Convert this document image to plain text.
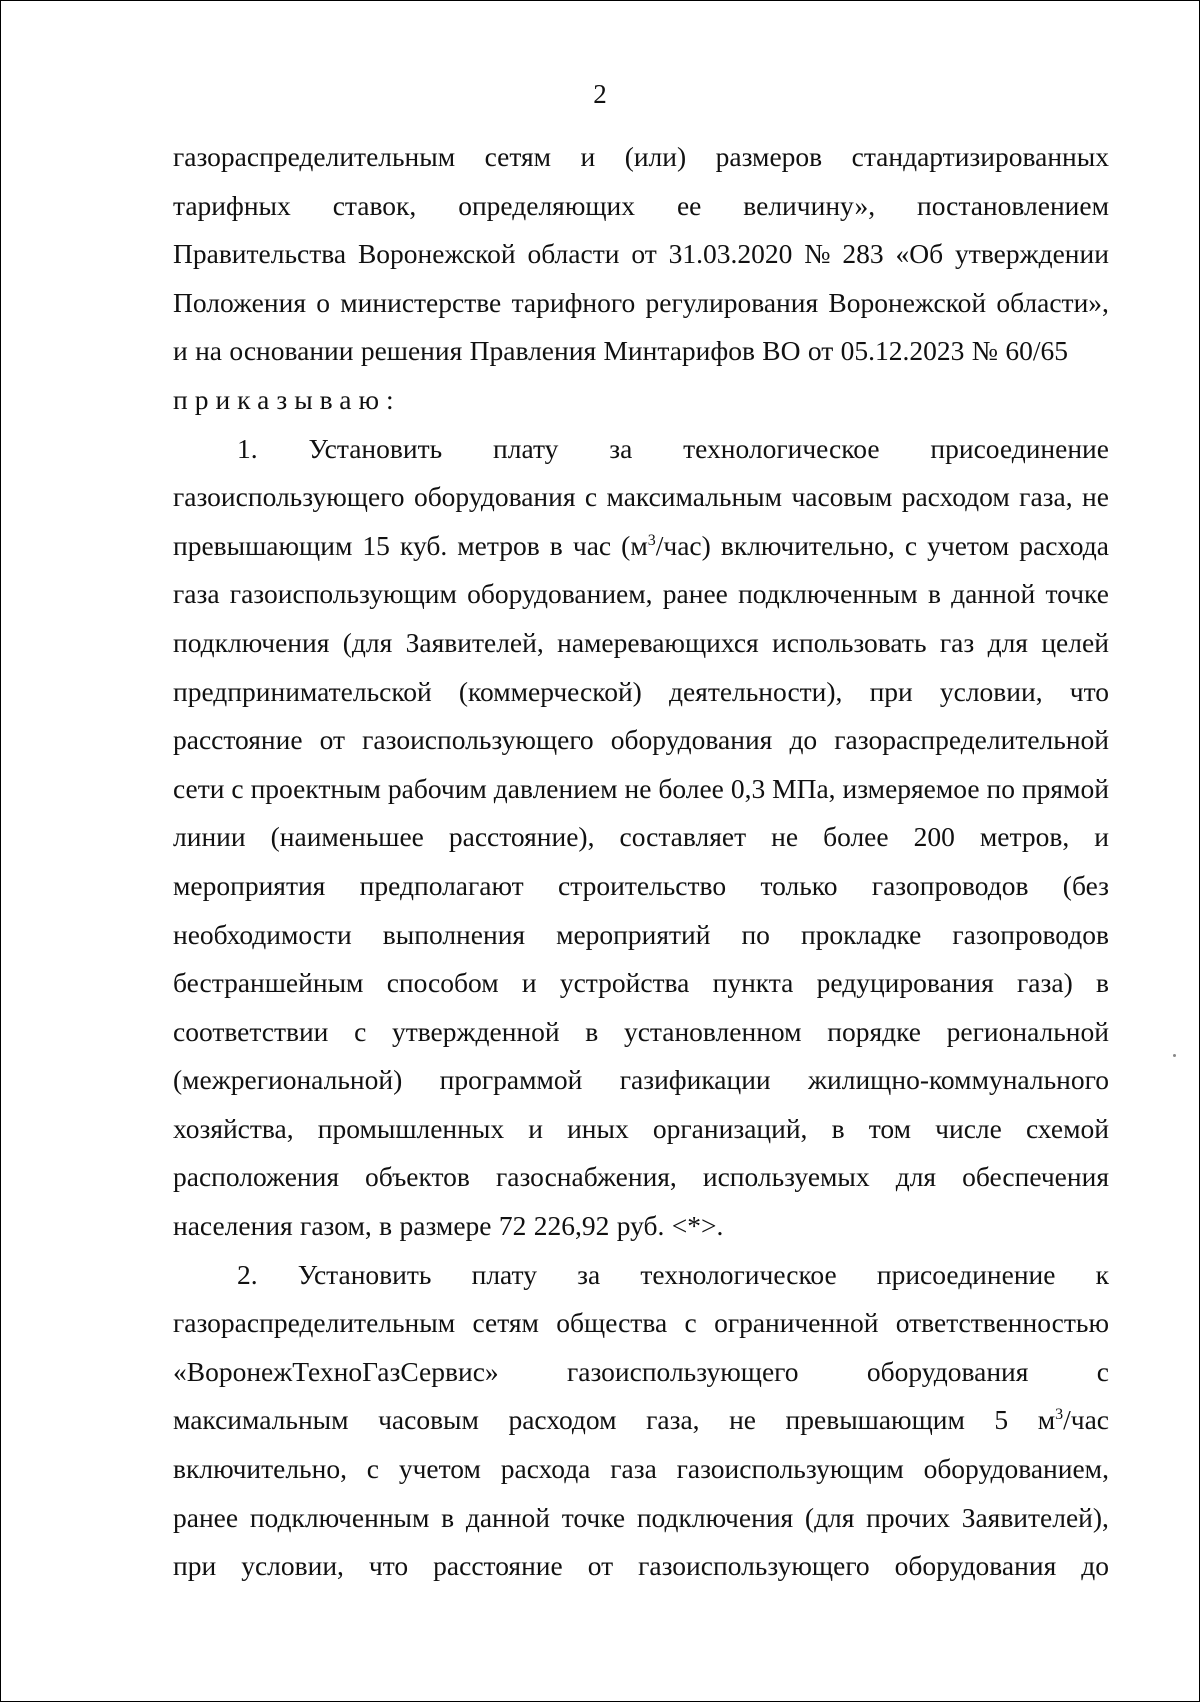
2
газораспределительным сетям и (или) размеров стандартизированных
тарифных ставок, определяющих ее величину», постановлением
Правительства Воронежской области от 31.03.2020 № 283 «Об утверждении
Положения о министерстве тарифного регулирования Воронежской области»,
и на основании решения Правления Минтарифов ВО от 05.12.2023 № 60/65
приказываю:
1. Установить плату за технологическое присоединение
газоиспользующего оборудования с максимальным часовым расходом газа, не
превышающим 15 куб. метров в час $(м^3/час)$ включительно, с учетом расхода
газа газоиспользующим оборудованием, ранее подключенным в данной точке
подключения (для Заявителей, намеревающихся использовать газ для целей
предпринимательской (коммерческой) деятельности), при условии, что
расстояние от газоиспользующего оборудования до газораспределительной
сети с проектным рабочим давлением не более 0,3 МПа, измеряемое по прямой
линии (наименьшее расстояние), составляет не более 200 метров, и
мероприятия предполагают строительство только газопроводов (без
необходимости выполнения мероприятий по прокладке газопроводов
бестраншейным способом и устройства пункта редуцирования газа) в
соответствии с утвержденной в установленном порядке региональной
(межрегиональной) программой газификации жилищно-коммунального
хозяйства, промышленных и иных организаций, в том числе схемой
расположения объектов газоснабжения, используемых для обеспечения
населения газом, в размере 72 226,92 руб. <*>.
2. Установить плату за технологическое присоединение к
газораспределительным сетям общества с ограниченной ответственностью
«ВоронежТехноГазСервис» газоиспользующего оборудования с
максимальным часовым расходом газа, не превышающим 5 $м^3$/час
включительно, с учетом расхода газа газоиспользующим оборудованием,
ранее подключенным в данной точке подключения (для прочих Заявителей),
при условии, что расстояние от газоиспользующего оборудования до
